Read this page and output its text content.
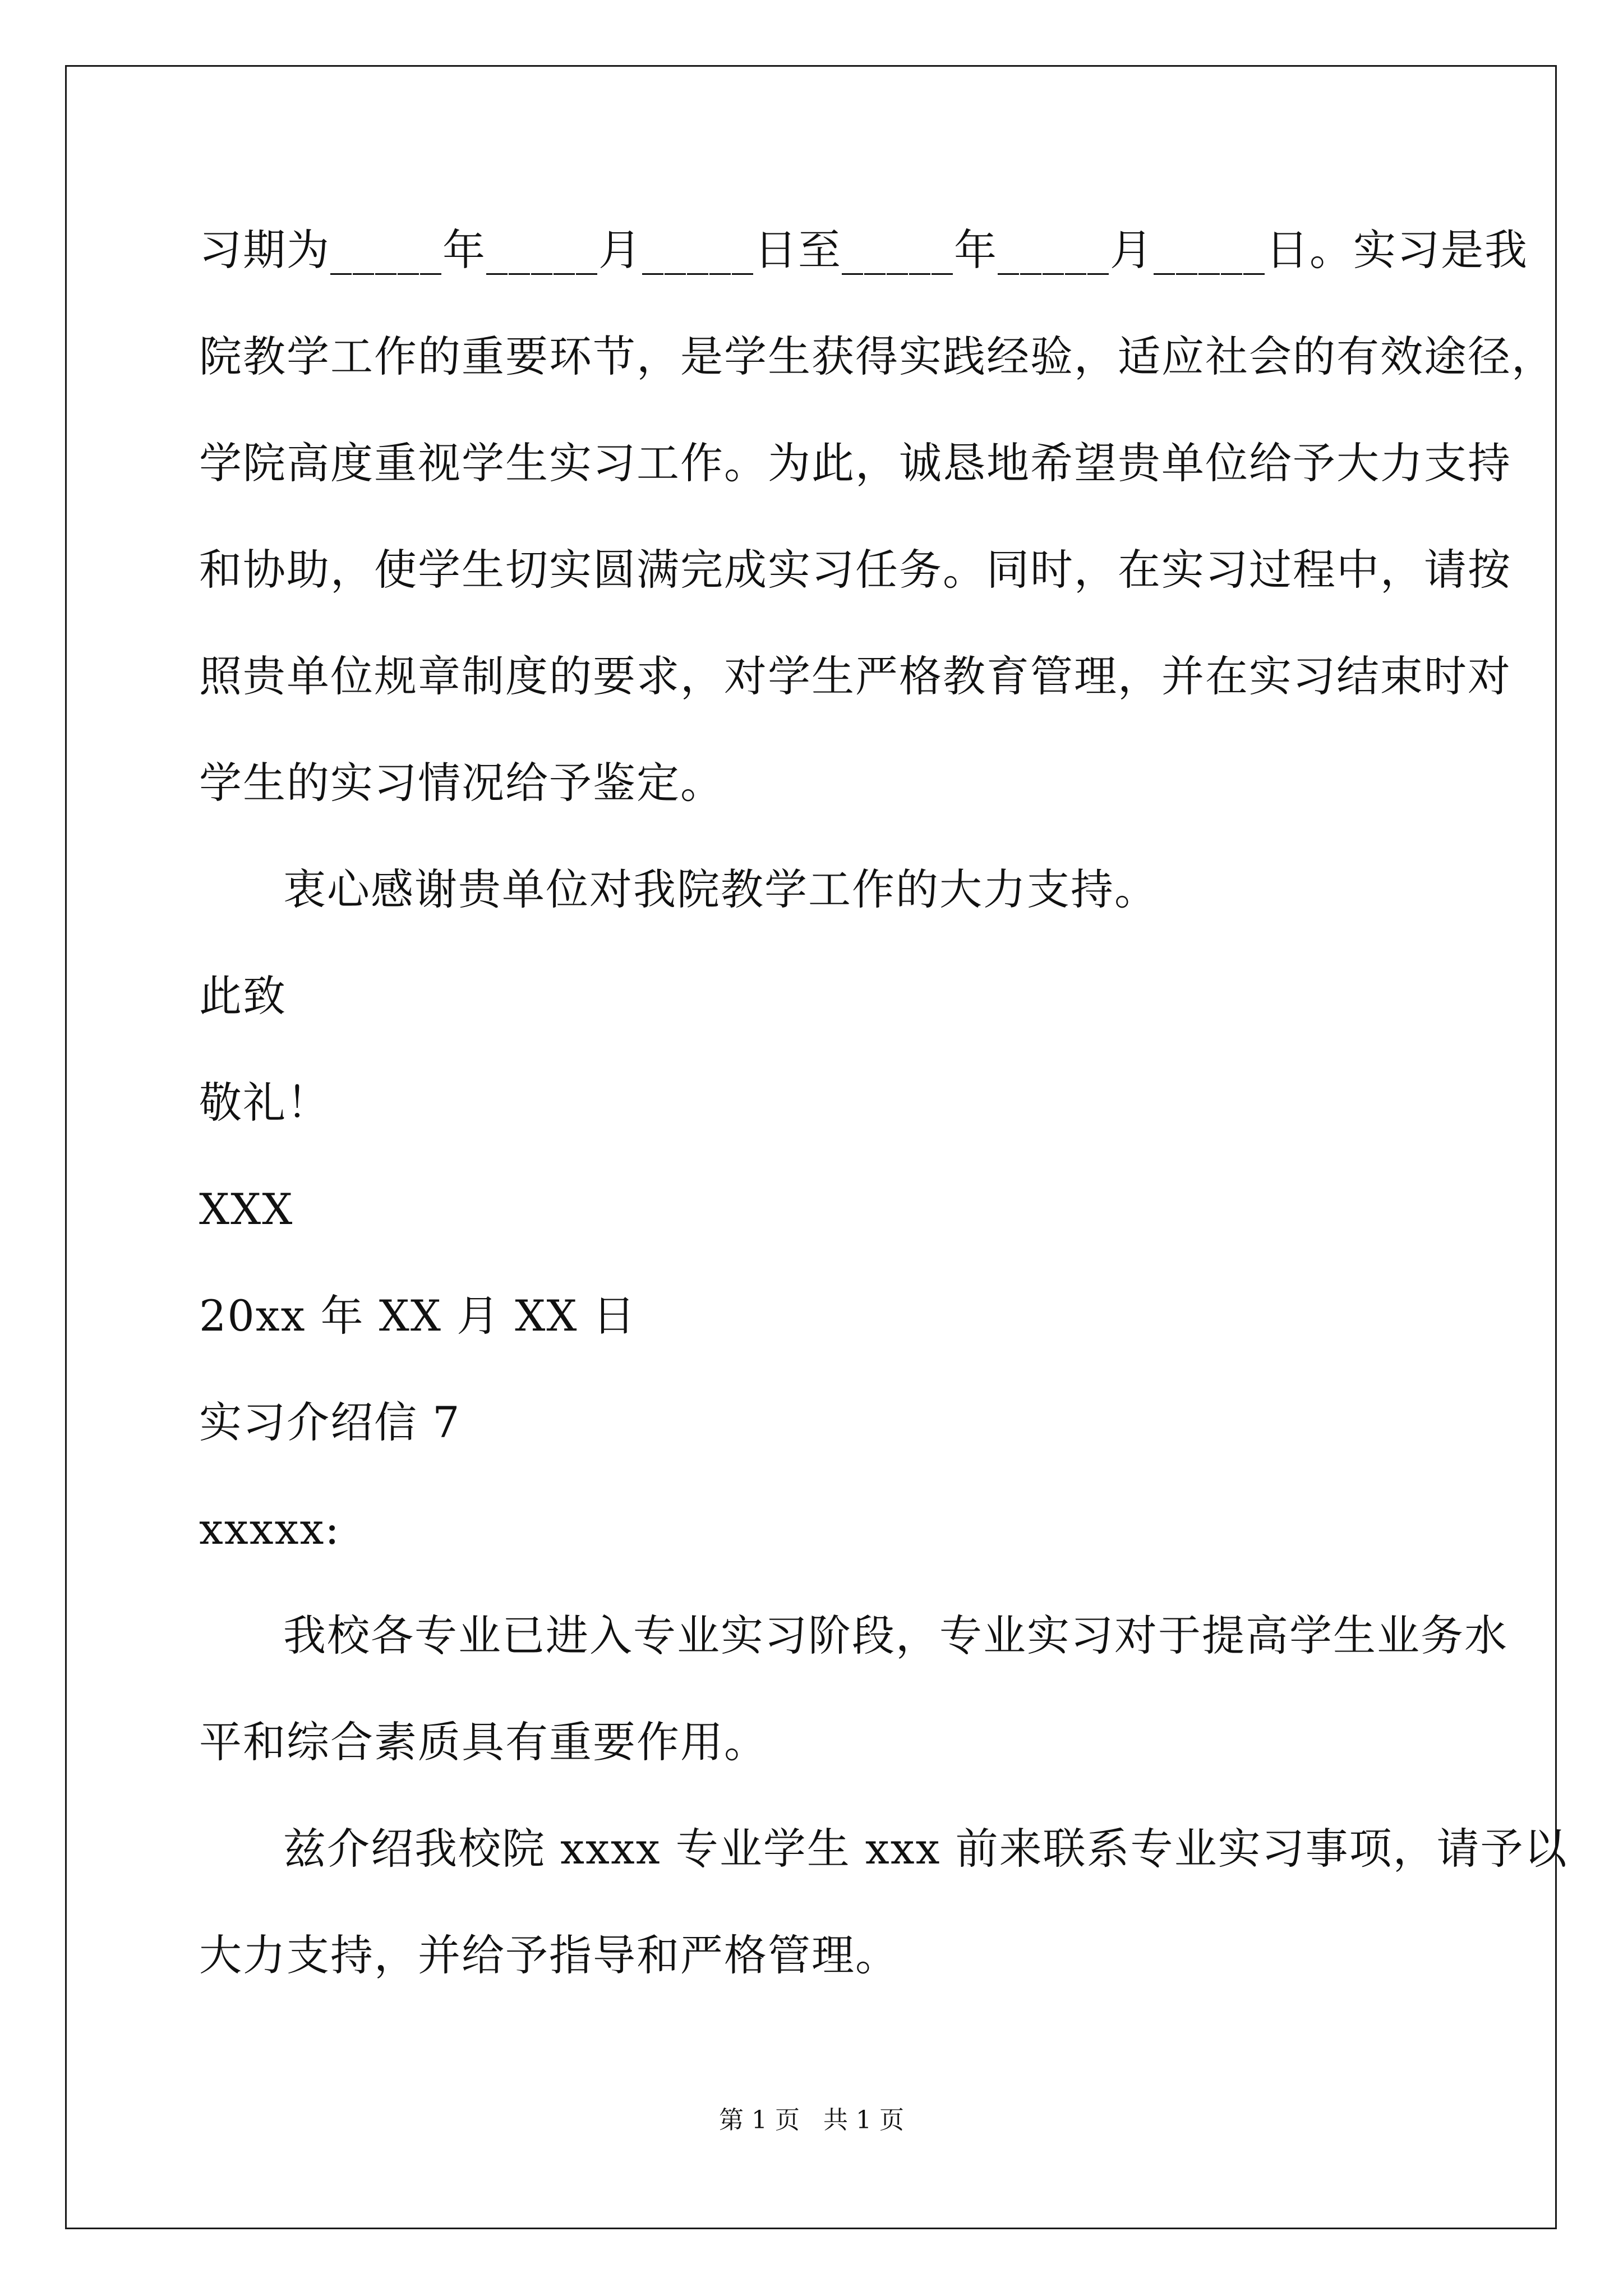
习期为_____年_____月_____日至_____年_____月_____日。实习是我
院教学工作的重要环节，是学生获得实践经验，适应社会的有效途径，
学院高度重视学生实习工作。为此，诚恳地希望贵单位给予大力支持
和协助，使学生切实圆满完成实习任务。同时，在实习过程中，请按
照贵单位规章制度的要求，对学生严格教育管理，并在实习结束时对
学生的实习情况给予鉴定。
衷心感谢贵单位对我院教学工作的大力支持。
此致
敬礼！
XXX
20xx 年 XX 月 XX 日
实习介绍信 7
xxxxx:
我校各专业已进入专业实习阶段，专业实习对于提高学生业务水
平和综合素质具有重要作用。
兹介绍我校院 xxxx 专业学生 xxx 前来联系专业实习事项，请予以
大力支持，并给予指导和严格管理。
第 1 页   共 1 页
